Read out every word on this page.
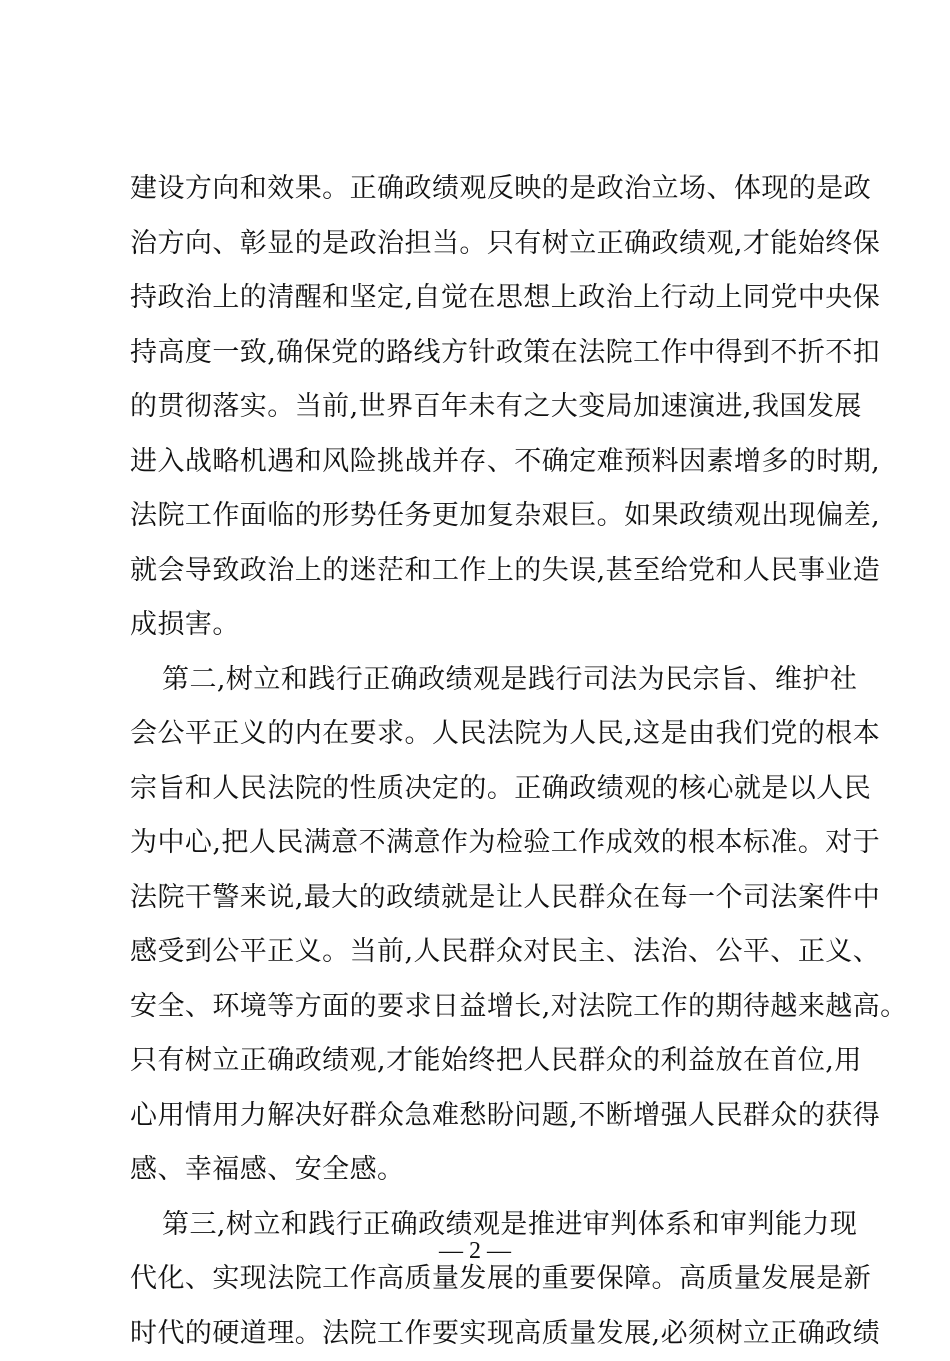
建设方向和效果。正确政绩观反映的是政治立场、体现的是政
治方向、彰显的是政治担当。只有树立正确政绩观,才能始终保
持政治上的清醒和坚定,自觉在思想上政治上行动上同党中央保
持高度一致,确保党的路线方针政策在法院工作中得到不折不扣
的贯彻落实。当前,世界百年未有之大变局加速演进,我国发展
进入战略机遇和风险挑战并存、不确定难预料因素增多的时期,
法院工作面临的形势任务更加复杂艰巨。如果政绩观出现偏差,
就会导致政治上的迷茫和工作上的失误,甚至给党和人民事业造
成损害。
第二,树立和践行正确政绩观是践行司法为民宗旨、维护社
会公平正义的内在要求。人民法院为人民,这是由我们党的根本
宗旨和人民法院的性质决定的。正确政绩观的核心就是以人民
为中心,把人民满意不满意作为检验工作成效的根本标准。对于
法院干警来说,最大的政绩就是让人民群众在每一个司法案件中
感受到公平正义。当前,人民群众对民主、法治、公平、正义、
安全、环境等方面的要求日益增长,对法院工作的期待越来越高。
只有树立正确政绩观,才能始终把人民群众的利益放在首位,用
心用情用力解决好群众急难愁盼问题,不断增强人民群众的获得
感、幸福感、安全感。
第三,树立和践行正确政绩观是推进审判体系和审判能力现
代化、实现法院工作高质量发展的重要保障。高质量发展是新
时代的硬道理。法院工作要实现高质量发展,必须树立正确政绩
— 2 —
